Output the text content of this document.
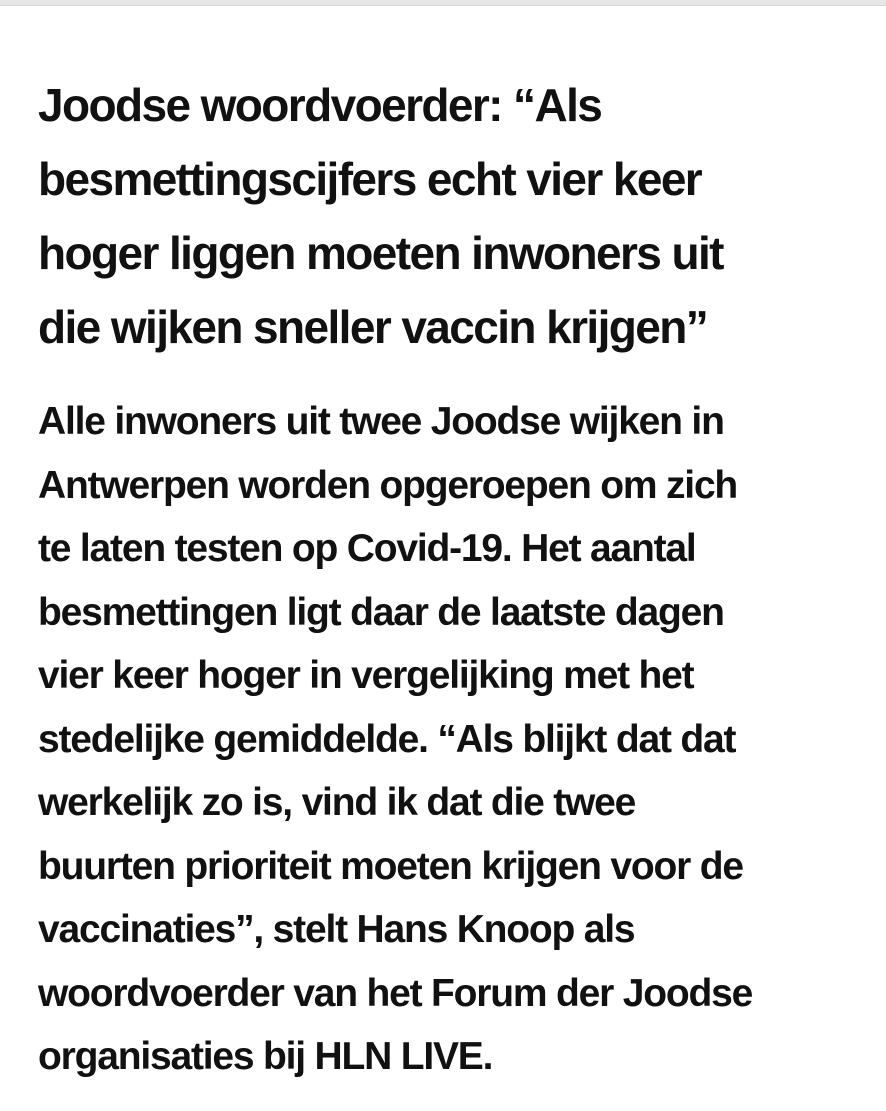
Joodse woordvoerder: “Als
besmettingscijfers echt vier keer
hoger liggen moeten inwoners uit
die wijken sneller vaccin krijgen”

Alle inwoners uit twee Joodse wijken in
Antwerpen worden opgeroepen om zich
te laten testen op Covid-19. Het aantal
besmettingen ligt daar de laatste dagen
vier keer hoger in vergelijking met het
stedelijke gemiddelde. “Als blijkt dat dat
werkelijk zo is, vind ik dat die twee
buurten prioriteit moeten krijgen voor de
vaccinaties”, stelt Hans Knoop als
woordvoerder van het Forum der Joodse
organisaties bij HLN LIVE.
